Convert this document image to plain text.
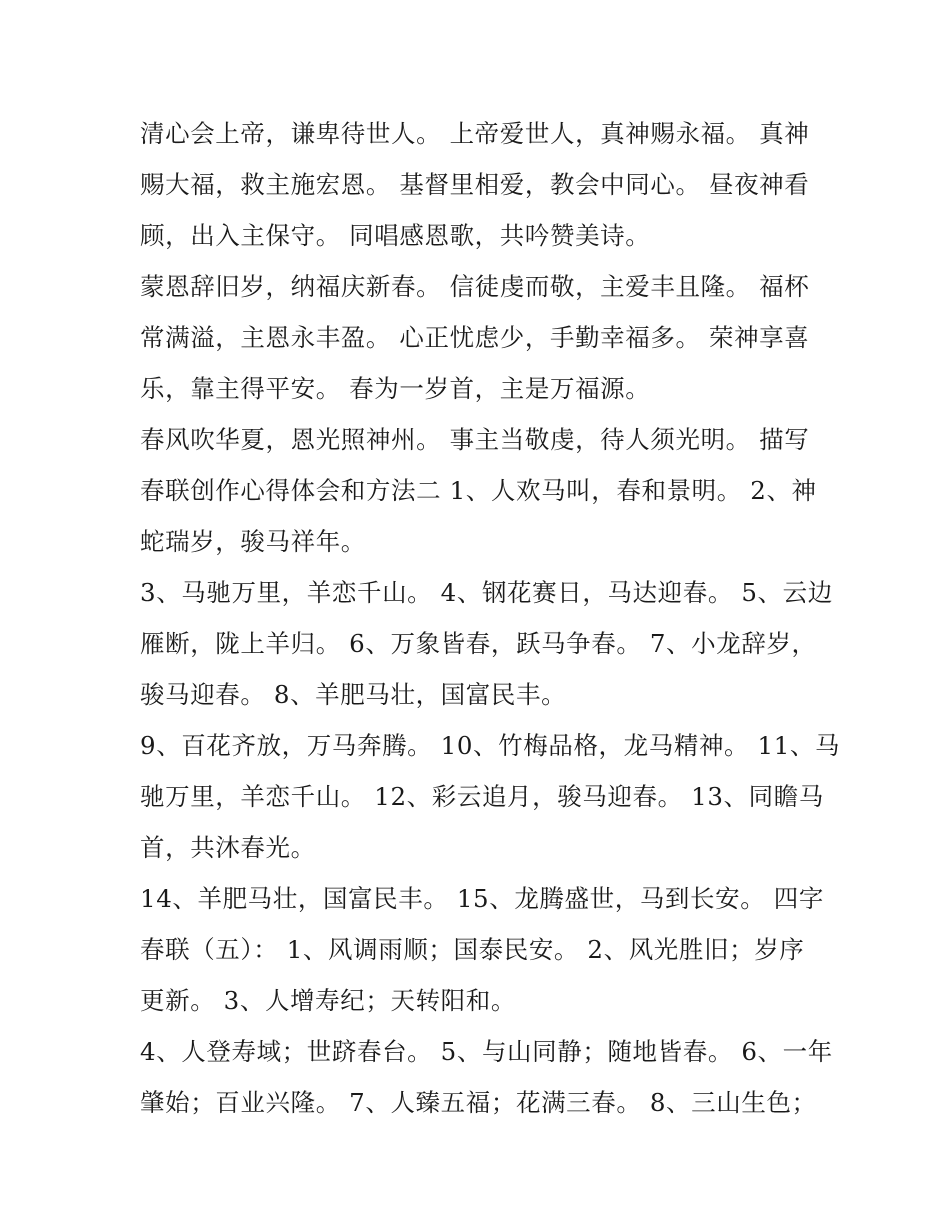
清心会上帝，谦卑待世人。 上帝爱世人，真神赐永福。 真神
赐大福，救主施宏恩。 基督里相爱，教会中同心。 昼夜神看
顾，出入主保守。 同唱感恩歌，共吟赞美诗。
蒙恩辞旧岁，纳福庆新春。 信徒虔而敬，主爱丰且隆。 福杯
常满溢，主恩永丰盈。 心正忧虑少，手勤幸福多。 荣神享喜
乐，靠主得平安。 春为一岁首，主是万福源。
春风吹华夏，恩光照神州。 事主当敬虔，待人须光明。 描写
春联创作心得体会和方法二 1、人欢马叫，春和景明。 2、神
蛇瑞岁，骏马祥年。
3、马驰万里，羊恋千山。 4、钢花赛日，马达迎春。 5、云边
雁断，陇上羊归。 6、万象皆春，跃马争春。 7、小龙辞岁，
骏马迎春。 8、羊肥马壮，国富民丰。
9、百花齐放，万马奔腾。 10、竹梅品格，龙马精神。 11、马
驰万里，羊恋千山。 12、彩云追月，骏马迎春。 13、同瞻马
首，共沐春光。
14、羊肥马壮，国富民丰。 15、龙腾盛世，马到长安。 四字
春联（五）： 1、风调雨顺；国泰民安。 2、风光胜旧；岁序
更新。 3、人增寿纪；天转阳和。
4、人登寿域；世跻春台。 5、与山同静；随地皆春。 6、一年
肇始；百业兴隆。 7、人臻五福；花满三春。 8、三山生色；
